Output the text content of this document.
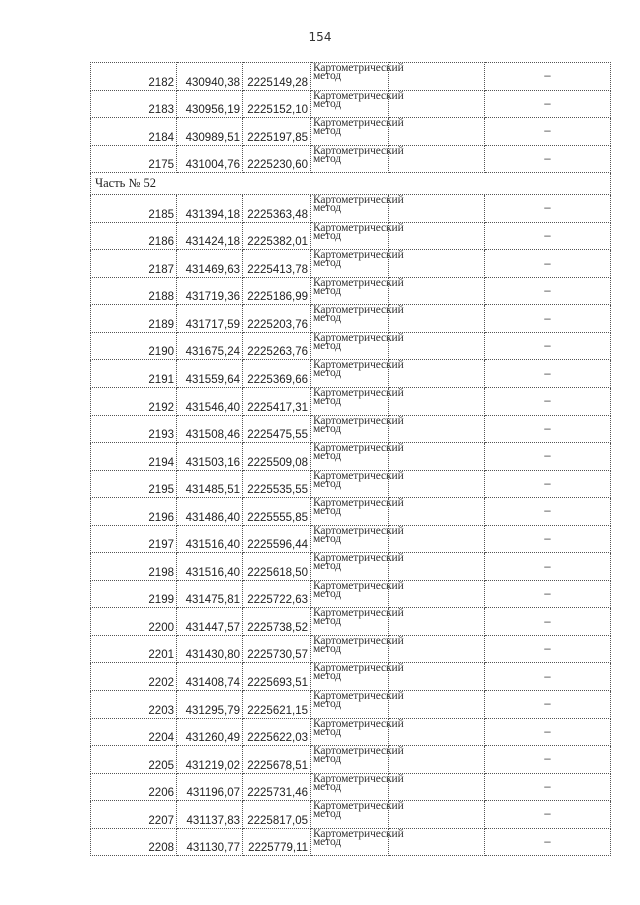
154
2182	430940,38	2225149,28	Картометрический метод		–
2183	430956,19	2225152,10	Картометрический метод		–
2184	430989,51	2225197,85	Картометрический метод		–
2175	431004,76	2225230,60	Картометрический метод		–
Часть № 52					
2185	431394,18	2225363,48	Картометрический метод		–
2186	431424,18	2225382,01	Картометрический метод		–
2187	431469,63	2225413,78	Картометрический метод		–
2188	431719,36	2225186,99	Картометрический метод		–
2189	431717,59	2225203,76	Картометрический метод		–
2190	431675,24	2225263,76	Картометрический метод		–
2191	431559,64	2225369,66	Картометрический метод		–
2192	431546,40	2225417,31	Картометрический метод		–
2193	431508,46	2225475,55	Картометрический метод		–
2194	431503,16	2225509,08	Картометрический метод		–
2195	431485,51	2225535,55	Картометрический метод		–
2196	431486,40	2225555,85	Картометрический метод		–
2197	431516,40	2225596,44	Картометрический метод		–
2198	431516,40	2225618,50	Картометрический метод		–
2199	431475,81	2225722,63	Картометрический метод		–
2200	431447,57	2225738,52	Картометрический метод		–
2201	431430,80	2225730,57	Картометрический метод		–
2202	431408,74	2225693,51	Картометрический метод		–
2203	431295,79	2225621,15	Картометрический метод		–
2204	431260,49	2225622,03	Картометрический метод		–
2205	431219,02	2225678,51	Картометрический метод		–
2206	431196,07	2225731,46	Картометрический метод		–
2207	431137,83	2225817,05	Картометрический метод		–
2208	431130,77	2225779,11	Картометрический метод		–
